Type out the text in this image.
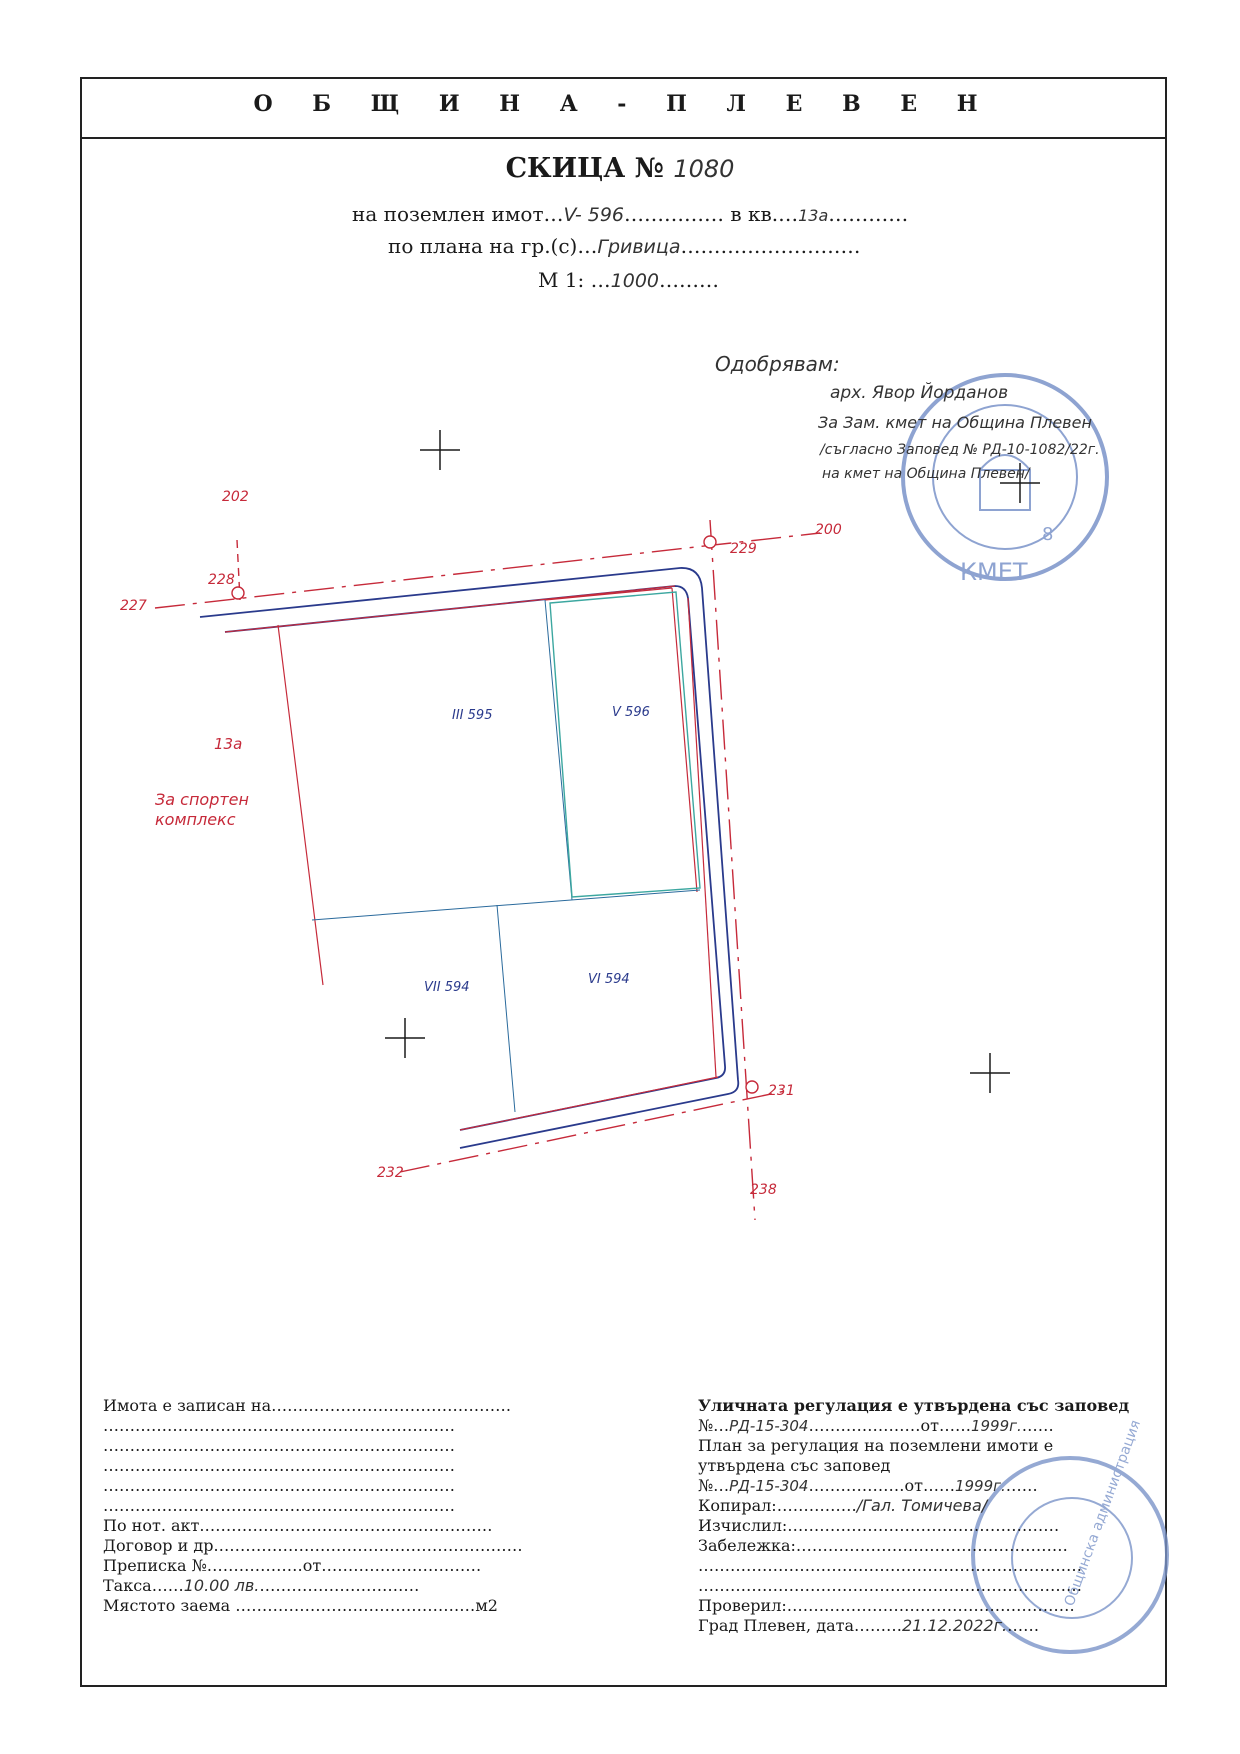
О Б Щ И Н А - П Л Е В Е Н
СКИЦА № 1080
на поземлен имот…V- 596…………… в кв.…13а…………
по плана на гр.(с)…Гривица………………………
М 1: …1000………
КМЕТ
8
Общинска администрация
202
228
227
229
200
231
232
238
III 595	V 596
VII 594
VI 594
13а
За спортен
комплекс
Одобрявам:
арх. Явор Йорданов
За Зам. кмет на Община Плевен
/съгласно Заповед № РД-10-1082/22г.
на кмет на Община Плевен/
Имота е записан на………………………………………
…………………………………………………………
…………………………………………………………
…………………………………………………………
…………………………………………………………
…………………………………………………………
По нот. акт.………………………………………………
Договор и др.…………………………………………………
Преписка №………………от…………………………
Такса……10.00 лв.…………………………
Мястото заема ………………………………………м2
Уличната регулация е утвърдена със заповед
№…РД-15-304…………………от……1999г.……
План за регулация на поземлени имоти е
утвърдена със заповед
№…РД-15-304………………от……1999г.……
Копирал:……………/Гал. Томичева/
Изчислил:……………………………………………
Забележка:……………………………………………
………………………………………………………………
………………………………………………………………
Проверил:………………………………………………
Град Плевен, дата………21.12.2022г.……
